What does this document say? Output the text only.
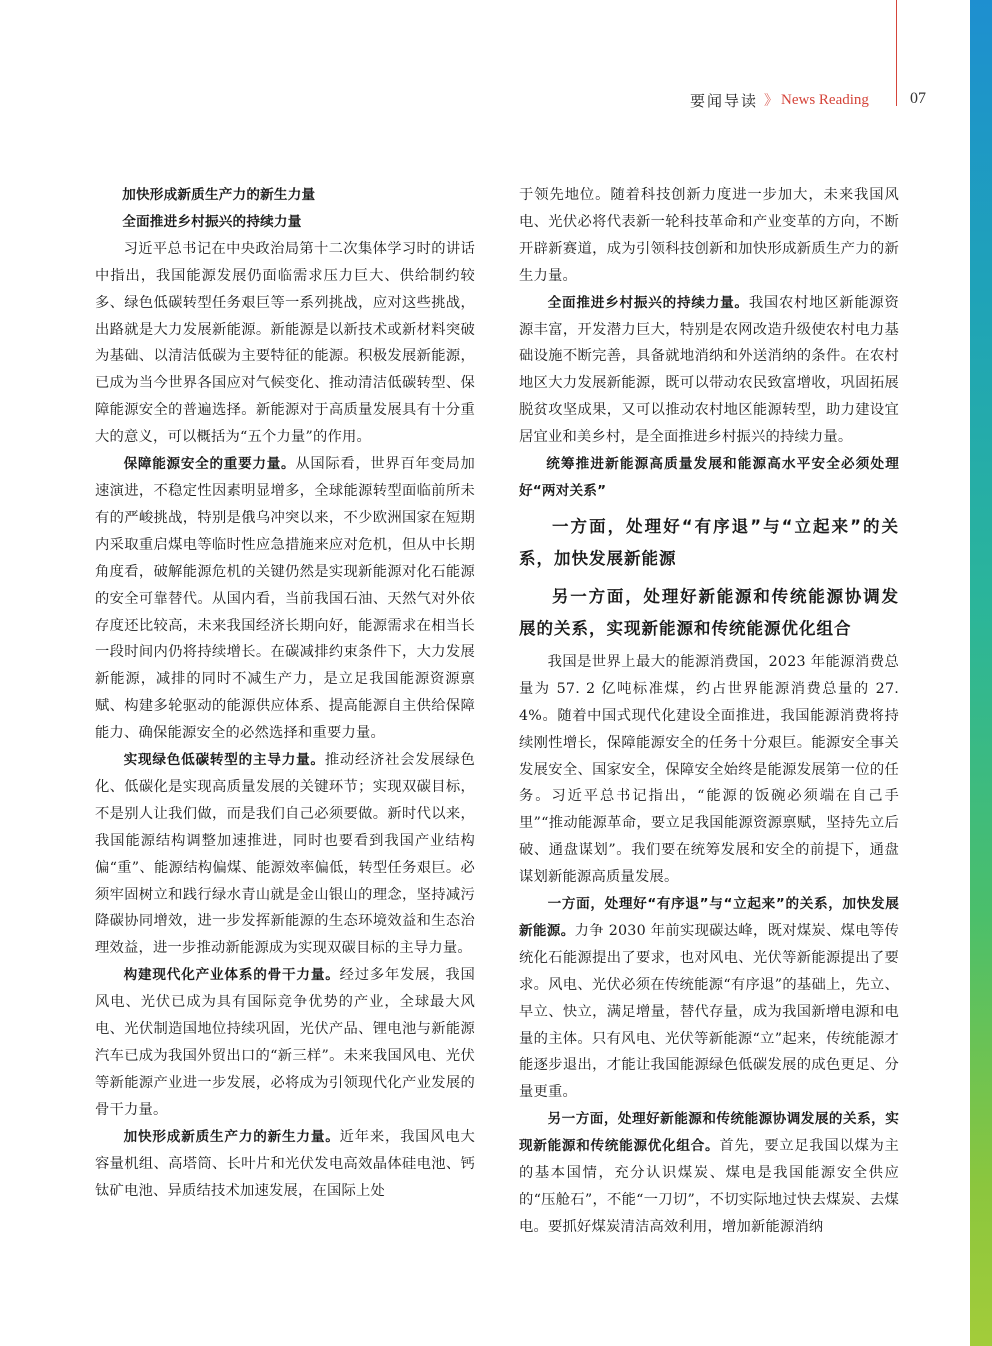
要闻导读 》 News Reading	07
加快形成新质生产力的新生力量
全面推进乡村振兴的持续力量

习近平总书记在中央政治局第十二次集体学习时的讲话中指出，我国能源发展仍面临需求压力巨大、供给制约较多、绿色低碳转型任务艰巨等一系列挑战，应对这些挑战，出路就是大力发展新能源。新能源是以新技术或新材料突破为基础、以清洁低碳为主要特征的能源。积极发展新能源，已成为当今世界各国应对气候变化、推动清洁低碳转型、保障能源安全的普遍选择。新能源对于高质量发展具有十分重大的意义，可以概括为“五个力量”的作用。

保障能源安全的重要力量。从国际看，世界百年变局加速演进，不稳定性因素明显增多，全球能源转型面临前所未有的严峻挑战，特别是俄乌冲突以来，不少欧洲国家在短期内采取重启煤电等临时性应急措施来应对危机，但从中长期角度看，破解能源危机的关键仍然是实现新能源对化石能源的安全可靠替代。从国内看，当前我国石油、天然气对外依存度还比较高，未来我国经济长期向好，能源需求在相当长一段时间内仍将持续增长。在碳减排约束条件下，大力发展新能源，减排的同时不减生产力，是立足我国能源资源禀赋、构建多轮驱动的能源供应体系、提高能源自主供给保障能力、确保能源安全的必然选择和重要力量。

实现绿色低碳转型的主导力量。推动经济社会发展绿色化、低碳化是实现高质量发展的关键环节；实现双碳目标，不是别人让我们做，而是我们自己必须要做。新时代以来，我国能源结构调整加速推进，同时也要看到我国产业结构偏“重”、能源结构偏煤、能源效率偏低，转型任务艰巨。必须牢固树立和践行绿水青山就是金山银山的理念，坚持减污降碳协同增效，进一步发挥新能源的生态环境效益和生态治理效益，进一步推动新能源成为实现双碳目标的主导力量。

构建现代化产业体系的骨干力量。经过多年发展，我国风电、光伏已成为具有国际竞争优势的产业，全球最大风电、光伏制造国地位持续巩固，光伏产品、锂电池与新能源汽车已成为我国外贸出口的“新三样”。未来我国风电、光伏等新能源产业进一步发展，必将成为引领现代化产业发展的骨干力量。

加快形成新质生产力的新生力量。近年来，我国风电大容量机组、高塔筒、长叶片和光伏发电高效晶体硅电池、钙钛矿电池、异质结技术加速发展，在国际上处

于领先地位。随着科技创新力度进一步加大，未来我国风电、光伏必将代表新一轮科技革命和产业变革的方向，不断开辟新赛道，成为引领科技创新和加快形成新质生产力的新生力量。

全面推进乡村振兴的持续力量。我国农村地区新能源资源丰富，开发潜力巨大，特别是农网改造升级使农村电力基础设施不断完善，具备就地消纳和外送消纳的条件。在农村地区大力发展新能源，既可以带动农民致富增收，巩固拓展脱贫攻坚成果，又可以推动农村地区能源转型，助力建设宜居宜业和美乡村，是全面推进乡村振兴的持续力量。

统筹推进新能源高质量发展和能源高水平安全必须处理好“两对关系”
一方面，处理好“有序退”与“立起来”的关系，加快发展新能源
另一方面，处理好新能源和传统能源协调发展的关系，实现新能源和传统能源优化组合

我国是世界上最大的能源消费国，2023 年能源消费总量为 57. 2 亿吨标准煤，约占世界能源消费总量的 27. 4%。随着中国式现代化建设全面推进，我国能源消费将持续刚性增长，保障能源安全的任务十分艰巨。能源安全事关发展安全、国家安全，保障安全始终是能源发展第一位的任务。习近平总书记指出，“能源的饭碗必须端在自己手里”“推动能源革命，要立足我国能源资源禀赋，坚持先立后破、通盘谋划”。我们要在统筹发展和安全的前提下，通盘谋划新能源高质量发展。

一方面，处理好“有序退”与“立起来”的关系，加快发展新能源。力争 2030 年前实现碳达峰，既对煤炭、煤电等传统化石能源提出了要求，也对风电、光伏等新能源提出了要求。风电、光伏必须在传统能源“有序退”的基础上，先立、早立、快立，满足增量，替代存量，成为我国新增电源和电量的主体。只有风电、光伏等新能源“立”起来，传统能源才能逐步退出，才能让我国能源绿色低碳发展的成色更足、分量更重。

另一方面，处理好新能源和传统能源协调发展的关系，实现新能源和传统能源优化组合。首先，要立足我国以煤为主的基本国情，充分认识煤炭、煤电是我国能源安全供应的“压舱石”，不能“一刀切”，不切实际地过快去煤炭、去煤电。要抓好煤炭清洁高效利用，增加新能源消纳
